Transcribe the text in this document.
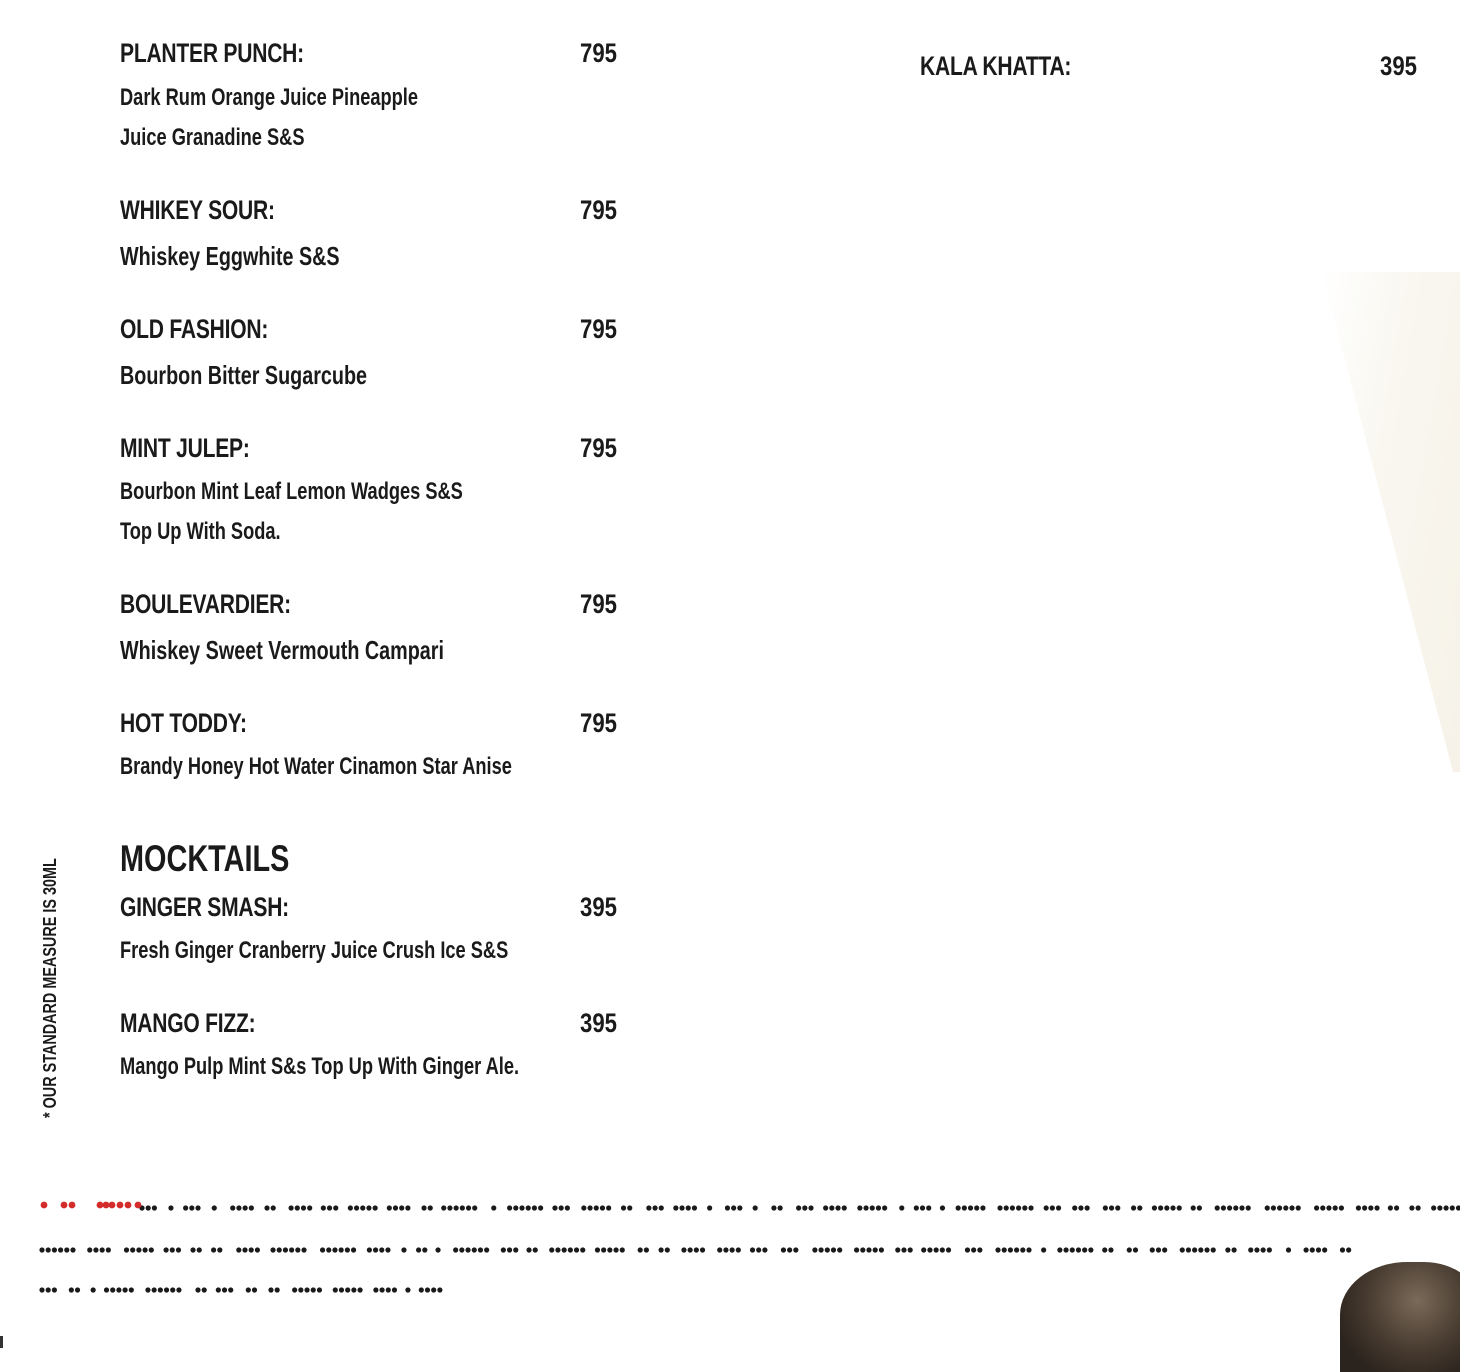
PLANTER PUNCH:	795
Dark Rum Orange Juice Pineapple
Juice Granadine S&S
WHIKEY SOUR:	795
Whiskey Eggwhite S&S
OLD FASHION:	795
Bourbon Bitter Sugarcube
MINT JULEP:	795
Bourbon Mint Leaf Lemon Wadges S&S
Top Up With Soda.
BOULEVARDIER:	795
Whiskey Sweet Vermouth Campari
HOT TODDY:	795
Brandy Honey Hot Water Cinamon Star Anise
MOCKTAILS
GINGER SMASH:	395
Fresh Ginger Cranberry Juice Crush Ice S&S
MANGO FIZZ:	395
Mango Pulp Mint S&s Top Up With Ginger Ale.
KALA KHATTA:	395
* OUR STANDARD MEASURE IS 30ML
